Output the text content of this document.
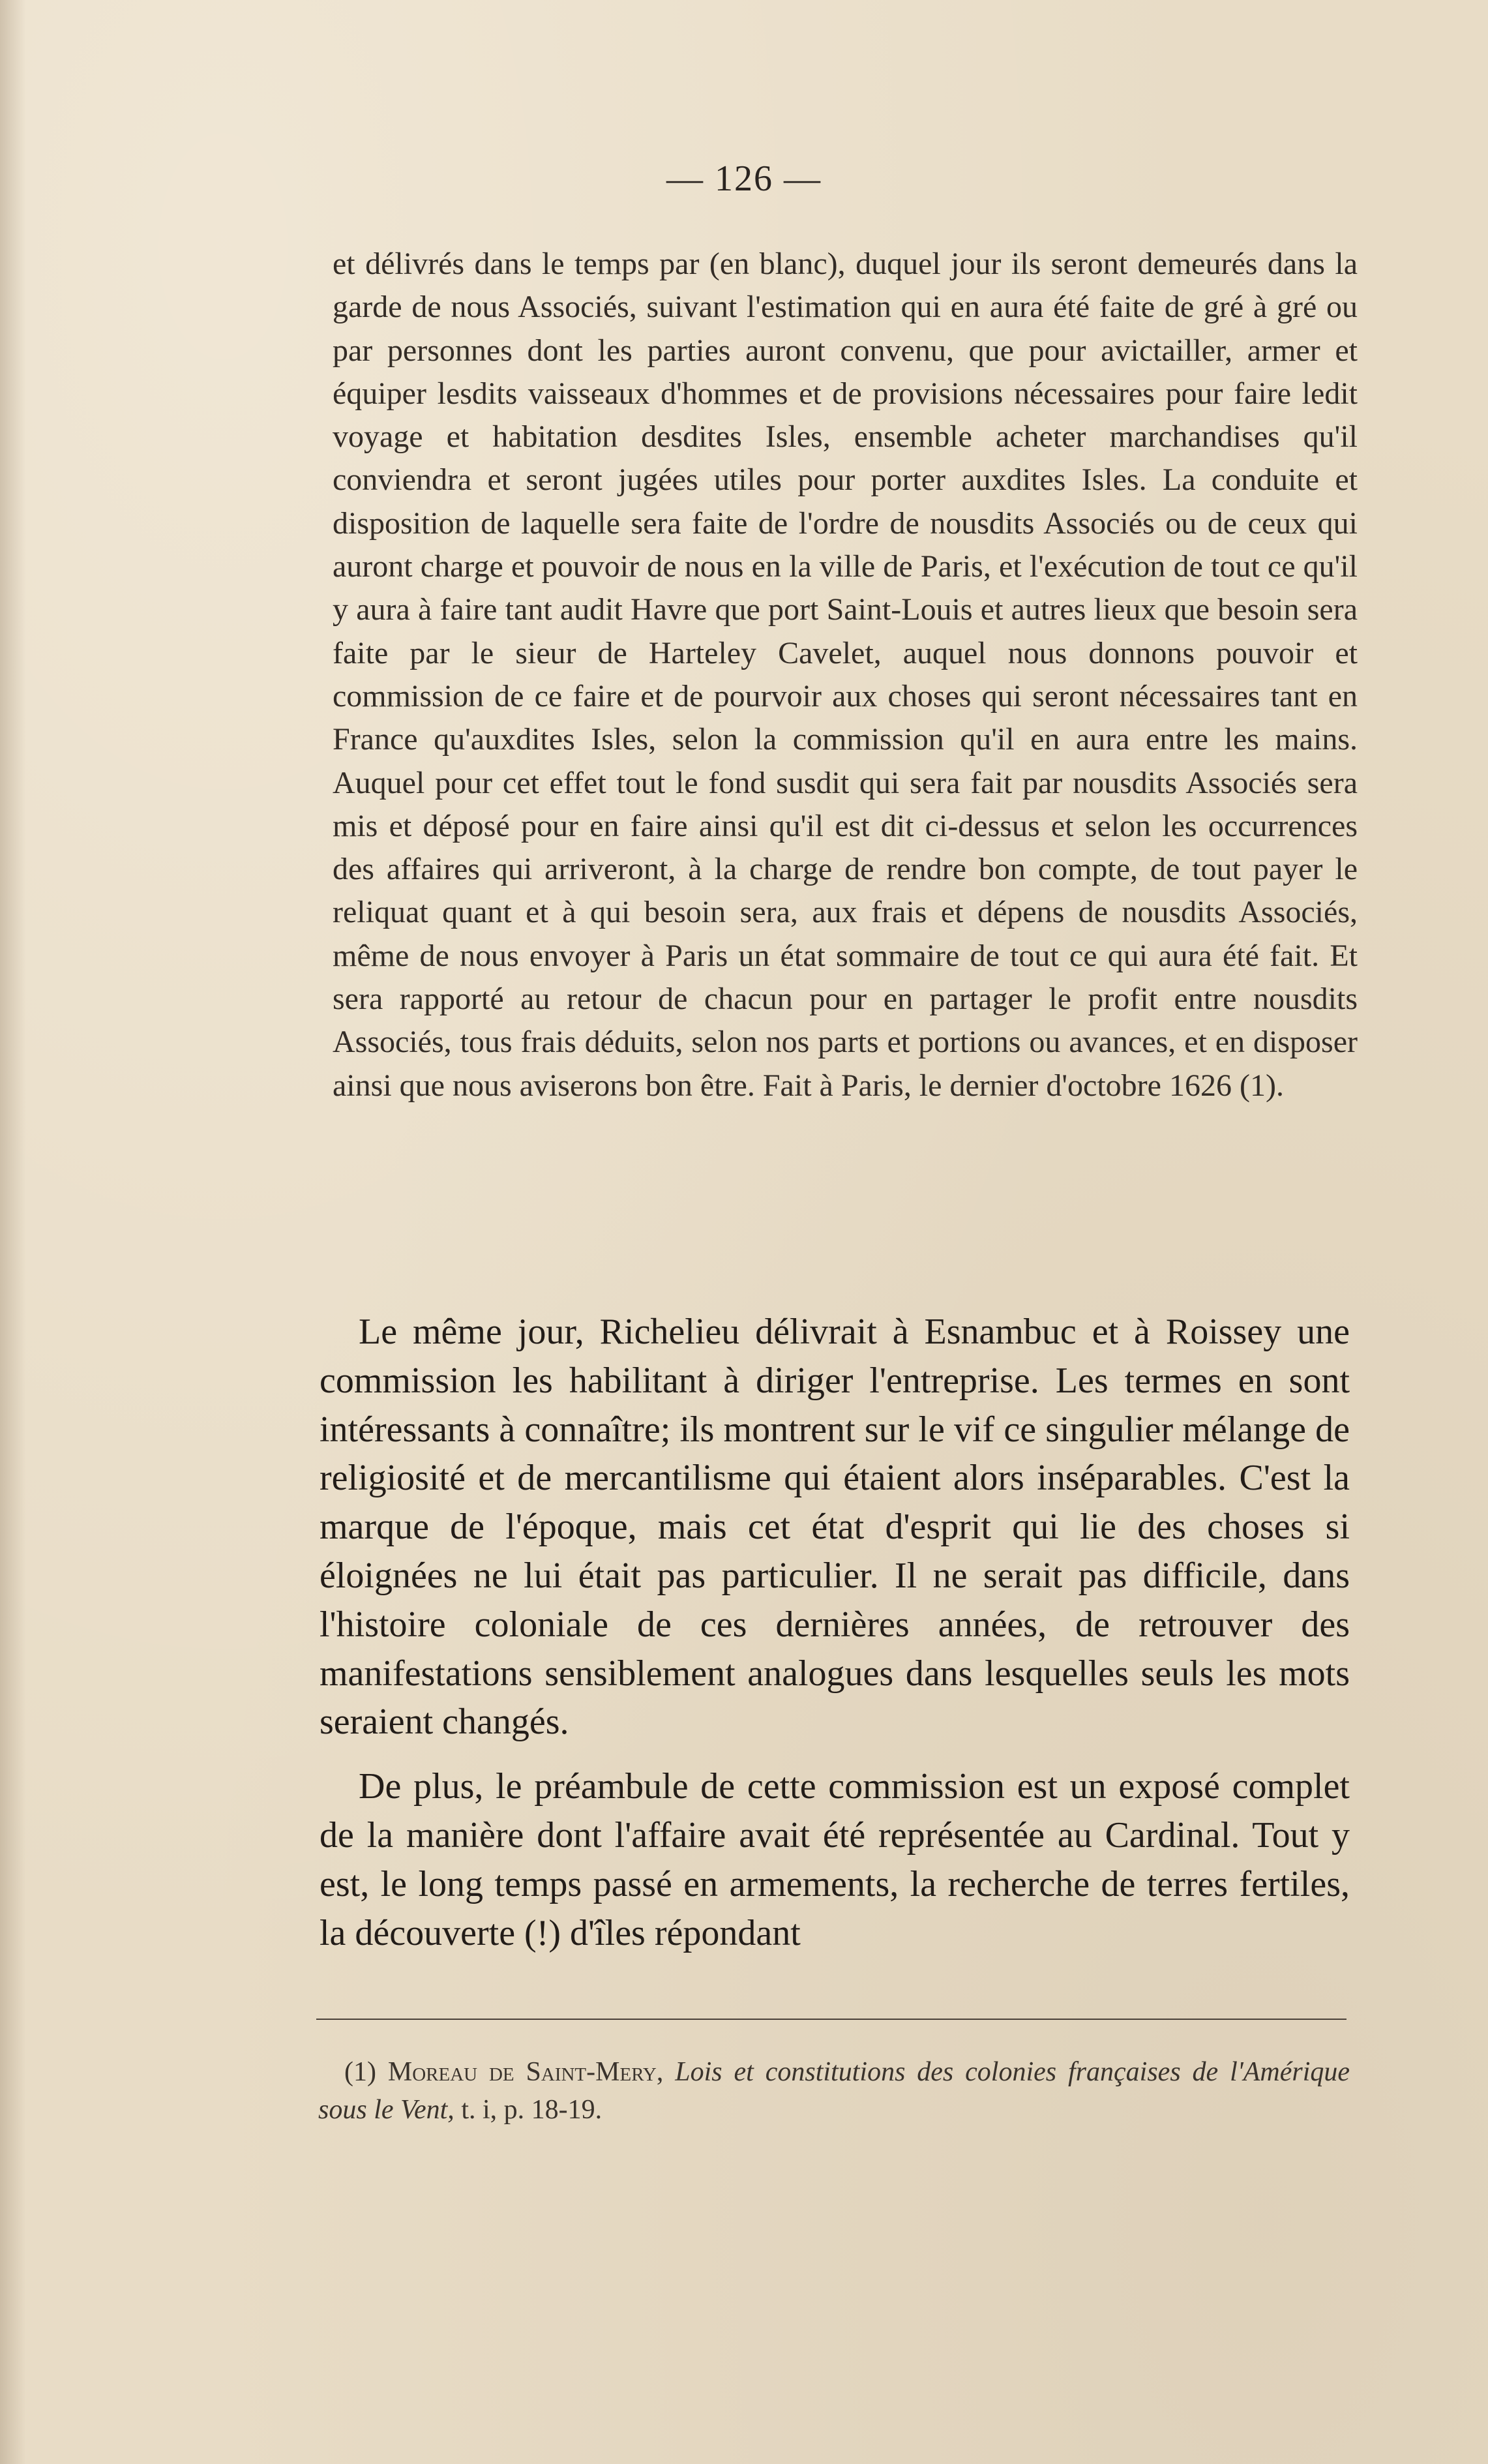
— 126 —

et délivrés dans le temps par (en blanc), duquel jour ils seront demeurés dans la garde de nous Associés, suivant l'estimation qui en aura été faite de gré à gré ou par personnes dont les parties auront convenu, que pour avictailler, armer et équiper lesdits vaisseaux d'hommes et de provisions nécessaires pour faire ledit voyage et habitation desdites Isles, ensemble acheter marchandises qu'il conviendra et seront jugées utiles pour porter auxdites Isles. La conduite et disposition de laquelle sera faite de l'ordre de nousdits Associés ou de ceux qui auront charge et pouvoir de nous en la ville de Paris, et l'exécution de tout ce qu'il y aura à faire tant audit Havre que port Saint-Louis et autres lieux que besoin sera faite par le sieur de Harteley Cavelet, auquel nous donnons pouvoir et commission de ce faire et de pourvoir aux choses qui seront nécessaires tant en France qu'auxdites Isles, selon la commission qu'il en aura entre les mains. Auquel pour cet effet tout le fond susdit qui sera fait par nousdits Associés sera mis et déposé pour en faire ainsi qu'il est dit ci-dessus et selon les occurrences des affaires qui arriveront, à la charge de rendre bon compte, de tout payer le reliquat quant et à qui besoin sera, aux frais et dépens de nousdits Associés, même de nous envoyer à Paris un état sommaire de tout ce qui aura été fait. Et sera rapporté au retour de chacun pour en partager le profit entre nousdits Associés, tous frais déduits, selon nos parts et portions ou avances, et en disposer ainsi que nous aviserons bon être. Fait à Paris, le dernier d'octobre 1626 (1).

Le même jour, Richelieu délivrait à Esnambuc et à Roissey une commission les habilitant à diriger l'entreprise. Les termes en sont intéressants à connaître; ils montrent sur le vif ce singulier mélange de religiosité et de mercantilisme qui étaient alors inséparables. C'est la marque de l'époque, mais cet état d'esprit qui lie des choses si éloignées ne lui était pas particulier. Il ne serait pas difficile, dans l'histoire coloniale de ces dernières années, de retrouver des manifestations sensiblement analogues dans lesquelles seuls les mots seraient changés.

De plus, le préambule de cette commission est un exposé complet de la manière dont l'affaire avait été représentée au Cardinal. Tout y est, le long temps passé en armements, la recherche de terres fertiles, la découverte (!) d'îles répondant

(1) Moreau de Saint-Mery, Lois et constitutions des colonies françaises de l'Amérique sous le Vent, t. i, p. 18-19.
